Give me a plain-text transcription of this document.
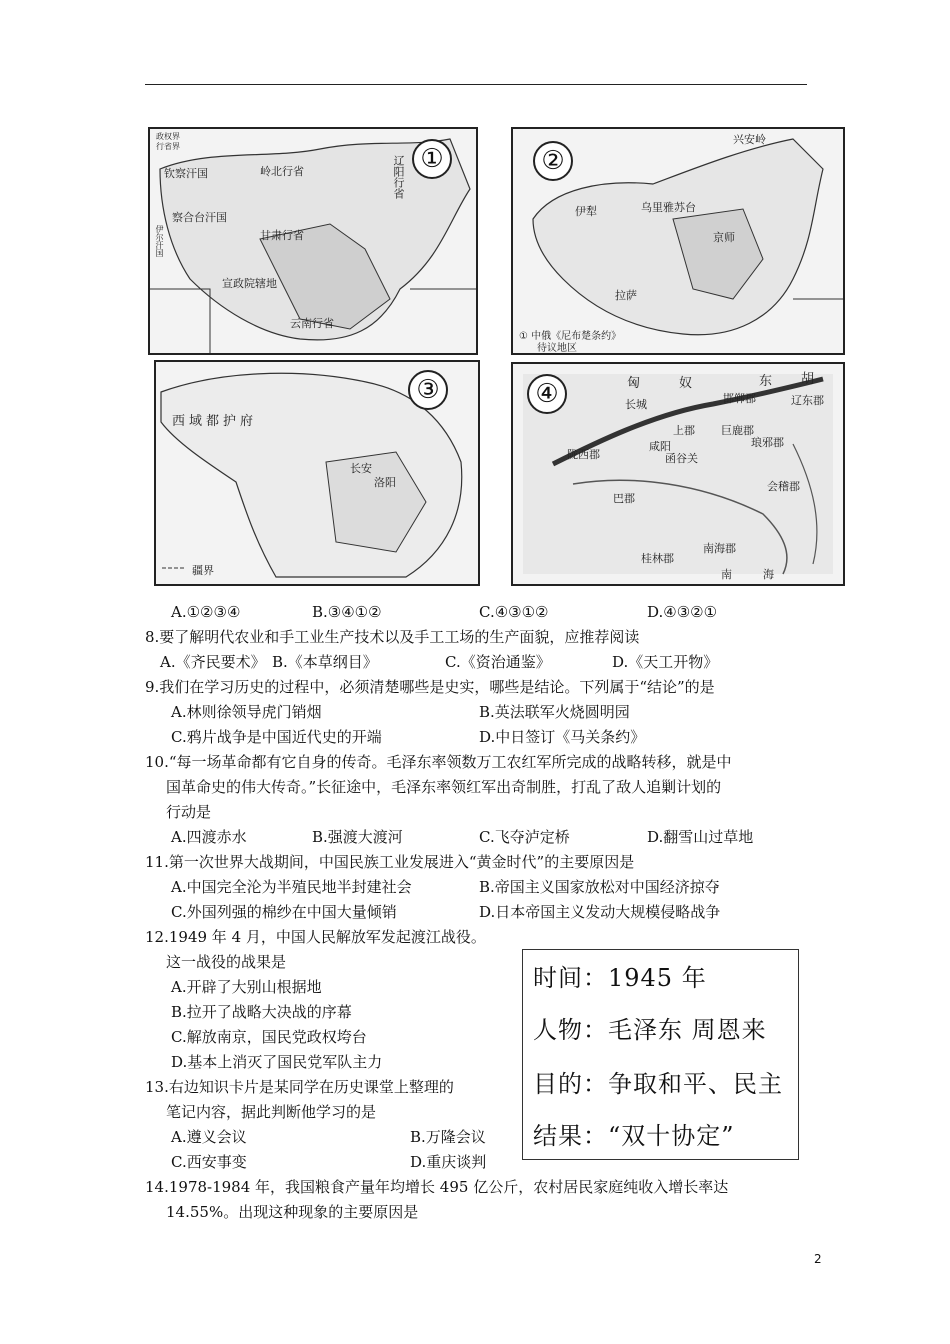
①
政权界
行省界
钦察汗国	岭北行省	辽阳行省
察合台汗国
甘肃行省
宣政院辖地
云南行省
伊尔汗国
②
兴安岭
伊犁	乌里雅苏台
京师
拉萨
① 中俄《尼布楚条约》
待议地区
③
西域都护府
长安
洛阳
疆界
④	匈	奴	东 胡
长城
陇西郡
咸阳
上郡
邯郸郡	辽东郡
巨鹿郡
琅邪郡
函谷关
会稽郡
巴郡
南海郡
桂林郡
南	海
A.①②③④	B.③④①②	C.④③①②	D.④③②①
8.要了解明代农业和手工业生产技术以及手工工场的生产面貌，应推荐阅读
A.《齐民要术》 B.《本草纲目》	C.《资治通鉴》	D.《天工开物》
9.我们在学习历史的过程中，必须清楚哪些是史实，哪些是结论。下列属于“结论”的是
A.林则徐领导虎门销烟	B.英法联军火烧圆明园
C.鸦片战争是中国近代史的开端	D.中日签订《马关条约》
10.“每一场革命都有它自身的传奇。毛泽东率领数万工农红军所完成的战略转移，就是中
国革命史的伟大传奇。”长征途中，毛泽东率领红军出奇制胜，打乱了敌人追剿计划的
行动是
A.四渡赤水	B.强渡大渡河	C.飞夺泸定桥	D.翻雪山过草地
11.第一次世界大战期间，中国民族工业发展进入“黄金时代”的主要原因是
A.中国完全沦为半殖民地半封建社会	B.帝国主义国家放松对中国经济掠夺
C.外国列强的棉纱在中国大量倾销	D.日本帝国主义发动大规模侵略战争
12.1949 年 4 月，中国人民解放军发起渡江战役。
这一战役的战果是
A.开辟了大别山根据地
B.拉开了战略大决战的序幕
C.解放南京，国民党政权垮台
D.基本上消灭了国民党军队主力
13.右边知识卡片是某同学在历史课堂上整理的
笔记内容，据此判断他学习的是
A.遵义会议	B.万隆会议
C.西安事变	D.重庆谈判
时间：1945 年
人物：毛泽东 周恩来
目的：争取和平、民主
结果：“双十协定”
14.1978-1984 年，我国粮食产量年均增长 495 亿公斤，农村居民家庭纯收入增长率达
14.55%。出现这种现象的主要原因是
2
